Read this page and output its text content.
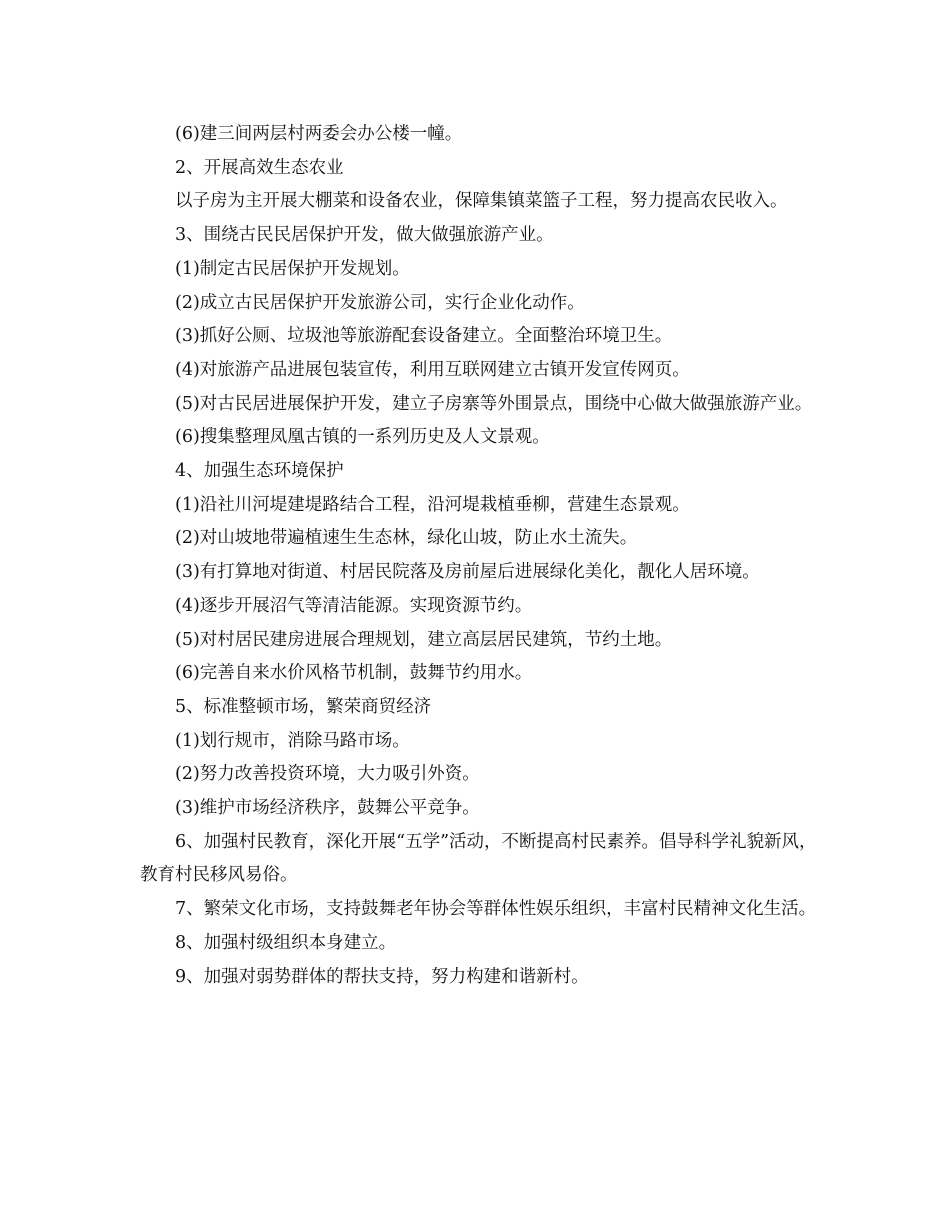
(6)建三间两层村两委会办公楼一幢。

2、开展高效生态农业

以子房为主开展大棚菜和设备农业，保障集镇菜篮子工程，努力提高农民收入。

3、围绕古民民居保护开发，做大做强旅游产业。

(1)制定古民居保护开发规划。

(2)成立古民居保护开发旅游公司，实行企业化动作。

(3)抓好公厕、垃圾池等旅游配套设备建立。全面整治环境卫生。

(4)对旅游产品进展包装宣传，利用互联网建立古镇开发宣传网页。

(5)对古民居进展保护开发，建立子房寨等外围景点，围绕中心做大做强旅游产业。

(6)搜集整理凤凰古镇的一系列历史及人文景观。

4、加强生态环境保护

(1)沿社川河堤建堤路结合工程，沿河堤栽植垂柳，营建生态景观。

(2)对山坡地带遍植速生生态林，绿化山坡，防止水土流失。

(3)有打算地对街道、村居民院落及房前屋后进展绿化美化，靓化人居环境。

(4)逐步开展沼气等清洁能源。实现资源节约。

(5)对村居民建房进展合理规划，建立高层居民建筑，节约土地。

(6)完善自来水价风格节机制，鼓舞节约用水。

5、标准整顿市场，繁荣商贸经济

(1)划行规市，消除马路市场。

(2)努力改善投资环境，大力吸引外资。

(3)维护市场经济秩序，鼓舞公平竞争。

6、加强村民教育，深化开展“五学”活动，不断提高村民素养。倡导科学礼貌新风，教育村民移风易俗。

7、繁荣文化市场，支持鼓舞老年协会等群体性娱乐组织，丰富村民精神文化生活。

8、加强村级组织本身建立。

9、加强对弱势群体的帮扶支持，努力构建和谐新村。
